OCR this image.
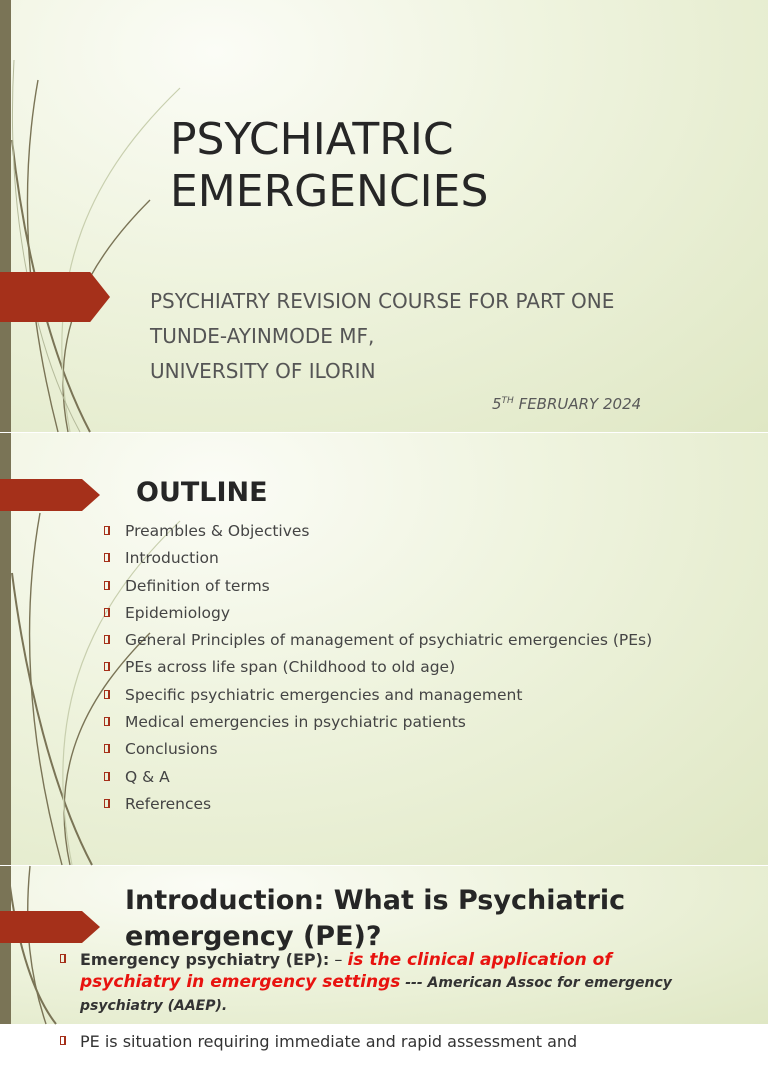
PSYCHIATRIC
EMERGENCIES
PSYCHIATRY REVISION COURSE FOR PART ONE
TUNDE-AYINMODE MF,
UNIVERSITY OF ILORIN
5TH FEBRUARY 2024
OUTLINE
Preambles & Objectives
Introduction
Definition of terms
Epidemiology
General Principles of management of psychiatric emergencies (PEs)
PEs across life span (Childhood to old age)
Specific psychiatric emergencies and management
Medical emergencies in psychiatric patients
Conclusions
Q & A
References
Introduction: What is Psychiatric emergency (PE)?
Emergency psychiatry (EP): – is the clinical application of psychiatry in emergency settings --- American Assoc for emergency psychiatry (AAEP).
PE is situation requiring immediate and rapid assessment and
